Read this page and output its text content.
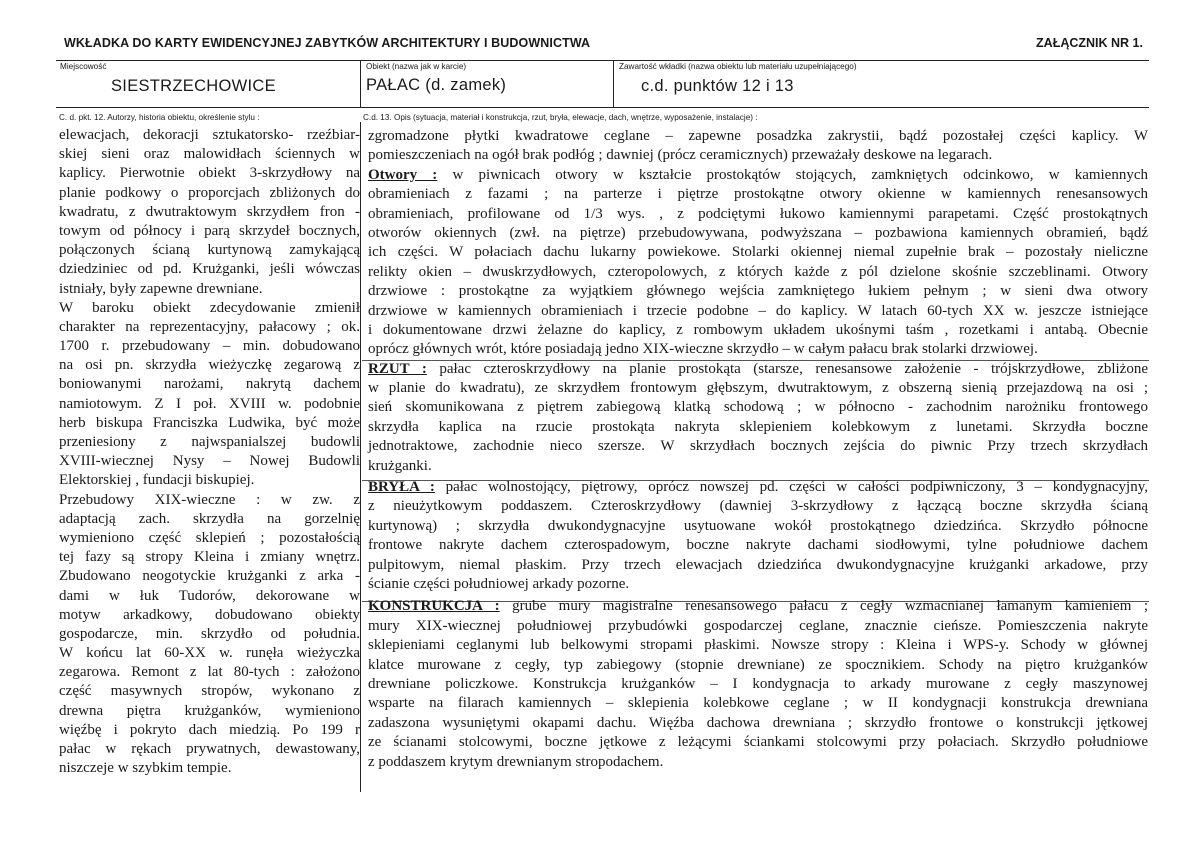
WKŁADKA DO KARTY EWIDENCYJNEJ ZABYTKÓW ARCHITEKTURY I BUDOWNICTWA	ZAŁĄCZNIK NR 1.
Miejscowość
SIESTRZECHOWICE
Obiekt (nazwa jak w karcie)
PAŁAC (d. zamek)
Zawartość wkładki (nazwa obiektu lub materiału uzupełniającego)
c.d. punktów 12 i 13
C. d. pkt. 12. Autorzy, historia obiektu, określenie stylu :	C.d. 13. Opis (sytuacja, materiał i konstrukcja, rzut, bryła, elewacje, dach, wnętrze, wyposażenie, instalacje) :
elewacjach, dekoracji sztukatorsko- rzeźbiar-
skiej sieni oraz malowidłach ściennych w
kaplicy. Pierwotnie obiekt 3-skrzydłowy na
planie podkowy o proporcjach zbliżonych do
kwadratu, z dwutraktowym skrzydłem fron -
towym od północy i parą skrzydeł bocznych,
połączonych ścianą kurtynową zamykającą
dziedziniec od pd. Krużganki, jeśli wówczas
istniały, były zapewne drewniane.
W baroku obiekt zdecydowanie zmienił
charakter na reprezentacyjny, pałacowy ; ok.
1700 r. przebudowany – min. dobudowano
na osi pn. skrzydła wieżyczkę zegarową z
boniowanymi narożami, nakrytą dachem
namiotowym. Z I poł. XVIII w. podobnie
herb biskupa Franciszka Ludwika, być może
przeniesiony z najwspanialszej budowli
XVIII-wiecznej Nysy – Nowej Budowli
Elektorskiej , fundacji biskupiej.
Przebudowy XIX-wieczne : w zw. z
adaptacją zach. skrzydła na gorzelnię
wymieniono część sklepień ; pozostałością
tej fazy są stropy Kleina i zmiany wnętrz.
Zbudowano neogotyckie krużganki z arka -
dami w łuk Tudorów, dekorowane w
motyw arkadkowy, dobudowano obiekty
gospodarcze, min. skrzydło od południa.
W końcu lat 60-XX w. runęła wieżyczka
zegarowa. Remont z lat 80-tych : założono
część masywnych stropów, wykonano z
drewna piętra krużganków, wymieniono
więźbę i pokryto dach miedzią. Po 199 r
pałac w rękach prywatnych, dewastowany,
niszczeje w szybkim tempie.
zgromadzone płytki kwadratowe ceglane – zapewne posadzka zakrystii, bądź pozostałej części kaplicy. W
pomieszczeniach na ogół brak podłóg ; dawniej (prócz ceramicznych) przeważały deskowe na legarach.
Otwory : w piwnicach otwory w kształcie prostokątów stojących, zamkniętych odcinkowo, w kamiennych
obramieniach z fazami ; na parterze i piętrze prostokątne otwory okienne w kamiennych renesansowych
obramieniach, profilowane od 1/3 wys. , z podciętymi łukowo kamiennymi parapetami. Część prostokątnych
otworów okiennych (zwł. na piętrze) przebudowywana, podwyższana – pozbawiona kamiennych obramień, bądź
ich części. W połaciach dachu lukarny powiekowe. Stolarki okiennej niemal zupełnie brak – pozostały nieliczne
relikty okien – dwuskrzydłowych, czteropolowych, z których każde z pól dzielone skośnie szczeblinami. Otwory
drzwiowe : prostokątne za wyjątkiem głównego wejścia zamkniętego łukiem pełnym ; w sieni dwa otwory
drzwiowe w kamiennych obramieniach i trzecie podobne – do kaplicy. W latach 60-tych XX w. jeszcze istniejące
i dokumentowane drzwi żelazne do kaplicy, z rombowym układem ukośnymi taśm , rozetkami i antabą. Obecnie
oprócz głównych wrót, które posiadają jedno XIX-wieczne skrzydło – w całym pałacu brak stolarki drzwiowej.
RZUT : pałac czteroskrzydłowy na planie prostokąta (starsze, renesansowe założenie - trójskrzydłowe, zbliżone
w planie do kwadratu), ze skrzydłem frontowym głębszym, dwutraktowym, z obszerną sienią przejazdową na osi ;
sień skomunikowana z piętrem zabiegową klatką schodową ; w północno - zachodnim narożniku frontowego
skrzydła kaplica na rzucie prostokąta nakryta sklepieniem kolebkowym z lunetami. Skrzydła boczne
jednotraktowe, zachodnie nieco szersze. W skrzydłach bocznych zejścia do piwnic Przy trzech skrzydłach
krużganki.
BRYŁA : pałac wolnostojący, piętrowy, oprócz nowszej pd. części w całości podpiwniczony, 3 – kondygnacyjny,
z nieużytkowym poddaszem. Czteroskrzydłowy (dawniej 3-skrzydłowy z łączącą boczne skrzydła ścianą
kurtynową) ; skrzydła dwukondygnacyjne usytuowane wokół prostokątnego dziedzińca. Skrzydło północne
frontowe nakryte dachem czterospadowym, boczne nakryte dachami siodłowymi, tylne południowe dachem
pulpitowym, niemal płaskim. Przy trzech elewacjach dziedzińca dwukondygnacyjne krużganki arkadowe, przy
ścianie części południowej arkady pozorne.
KONSTRUKCJA : grube mury magistralne renesansowego pałacu z cegły wzmacnianej łamanym kamieniem ;
mury XIX-wiecznej południowej przybudówki gospodarczej ceglane, znacznie cieńsze. Pomieszczenia nakryte
sklepieniami ceglanymi lub belkowymi stropami płaskimi. Nowsze stropy : Kleina i WPS-y. Schody w głównej
klatce murowane z cegły, typ zabiegowy (stopnie drewniane) ze spocznikiem. Schody na piętro krużganków
drewniane policzkowe. Konstrukcja krużganków – I kondygnacja to arkady murowane z cegły maszynowej
wsparte na filarach kamiennych – sklepienia kolebkowe ceglane ; w II kondygnacji konstrukcja drewniana
zadaszona wysuniętymi okapami dachu. Więźba dachowa drewniana ; skrzydło frontowe o konstrukcji jętkowej
ze ścianami stolcowymi, boczne jętkowe z leżącymi ściankami stolcowymi przy połaciach. Skrzydło południowe
z poddaszem krytym drewnianym stropodachem.
